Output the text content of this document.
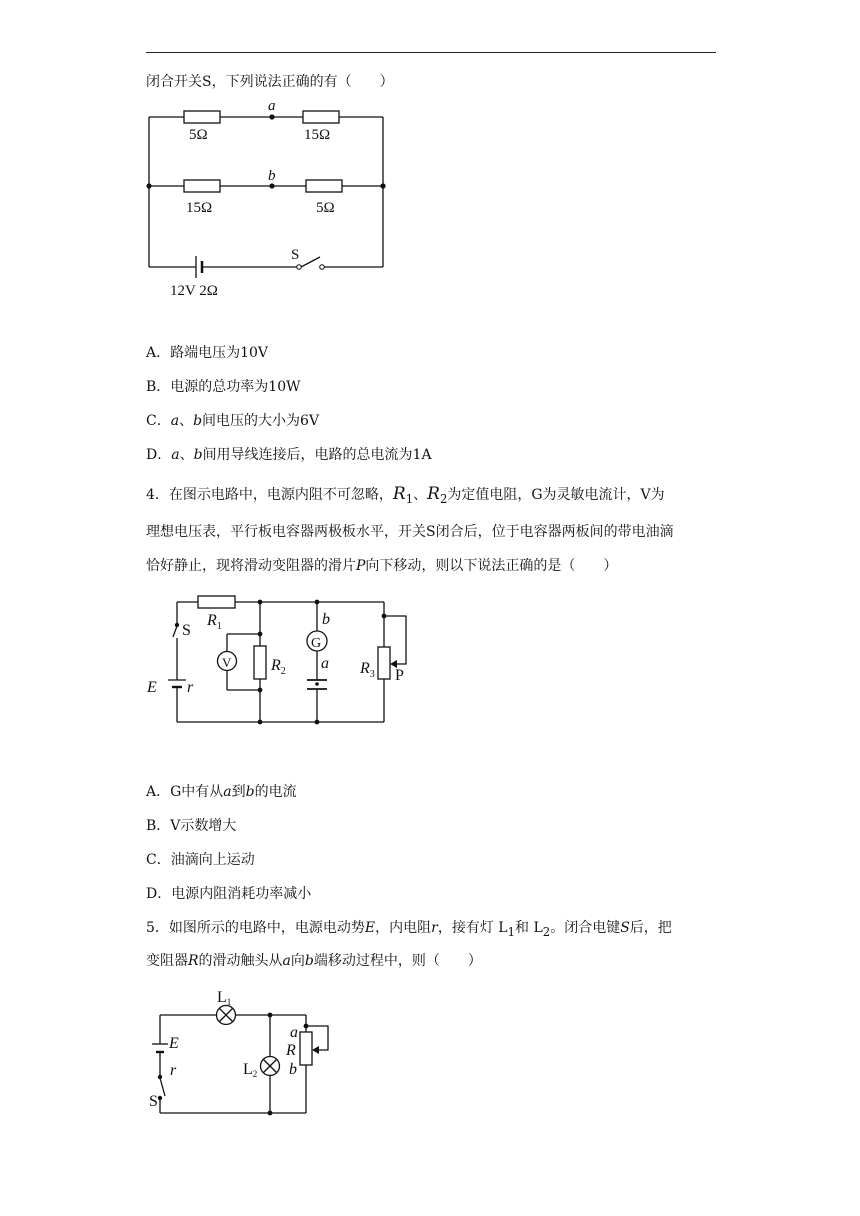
闭合开关S，下列说法正确的有（　　）
a
b
5Ω	15Ω
15Ω	5Ω
S
12V 2Ω
A．路端电压为10V
B．电源的总功率为10W
C．a、b间电压的大小为6V
D．a、b间用导线连接后，电路的总电流为1A
4．在图示电路中，电源内阻不可忽略，$R_1$、$R_2$为定值电阻，G为灵敏电流计，V为
理想电压表，平行板电容器两极板水平，开关S闭合后，位于电容器两板间的带电油滴
恰好静止，现将滑动变阻器的滑片P向下移动，则以下说法正确的是（　　）
S
$R_1$
V $R_2$
G
b
a $R_3$ P
E r
A．G中有从a到b的电流
B．V示数增大
C．油滴向上运动
D．电源内阻消耗功率减小
5．如图所示的电路中，电源电动势E，内电阻r，接有灯 $L_1$和 $L_2$。闭合电键S后，把
变阻器R的滑动触头从a向b端移动过程中，则（　　）
L1
L2
E
r
S
a
R
b
